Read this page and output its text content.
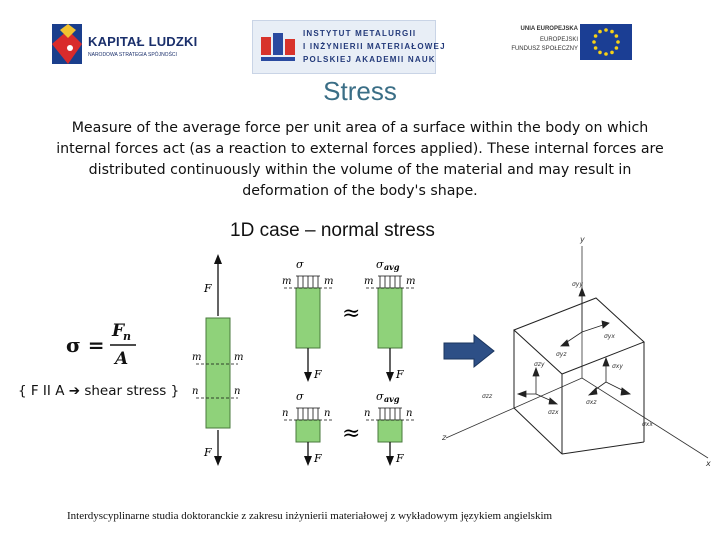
KAPITAŁ LUDZKI
NARODOWA STRATEGIA SPÓJNOŚCI
INSTYTUT METALURGII
I INŻYNIERII MATERIAŁOWEJ
POLSKIEJ AKADEMII NAUK
UNIA EUROPEJSKA
EUROPEJSKI
FUNDUSZ SPOŁECZNY
Stress
Measure of the average force per unit area of a surface within the body on which internal forces act (as a reaction to external forces applied). These internal forces are distributed continuously within the volume of the material and may result in deformation of the body's shape.
1D case – normal stress
σ =
F
n
A
{ F II A ➔ shear stress }
F
F
m	m
n	n
m	m
σ
F
≈
m	m
σ avg
F
n	n
σ
F
≈
n	n
σ avg
F
y
x
z
σyy
σyx
σyz
σzy
σzx
σzz
σxy
σxz
σxx
Interdyscyplinarne studia doktoranckie z zakresu inżynierii materiałowej z wykładowym językiem angielskim
